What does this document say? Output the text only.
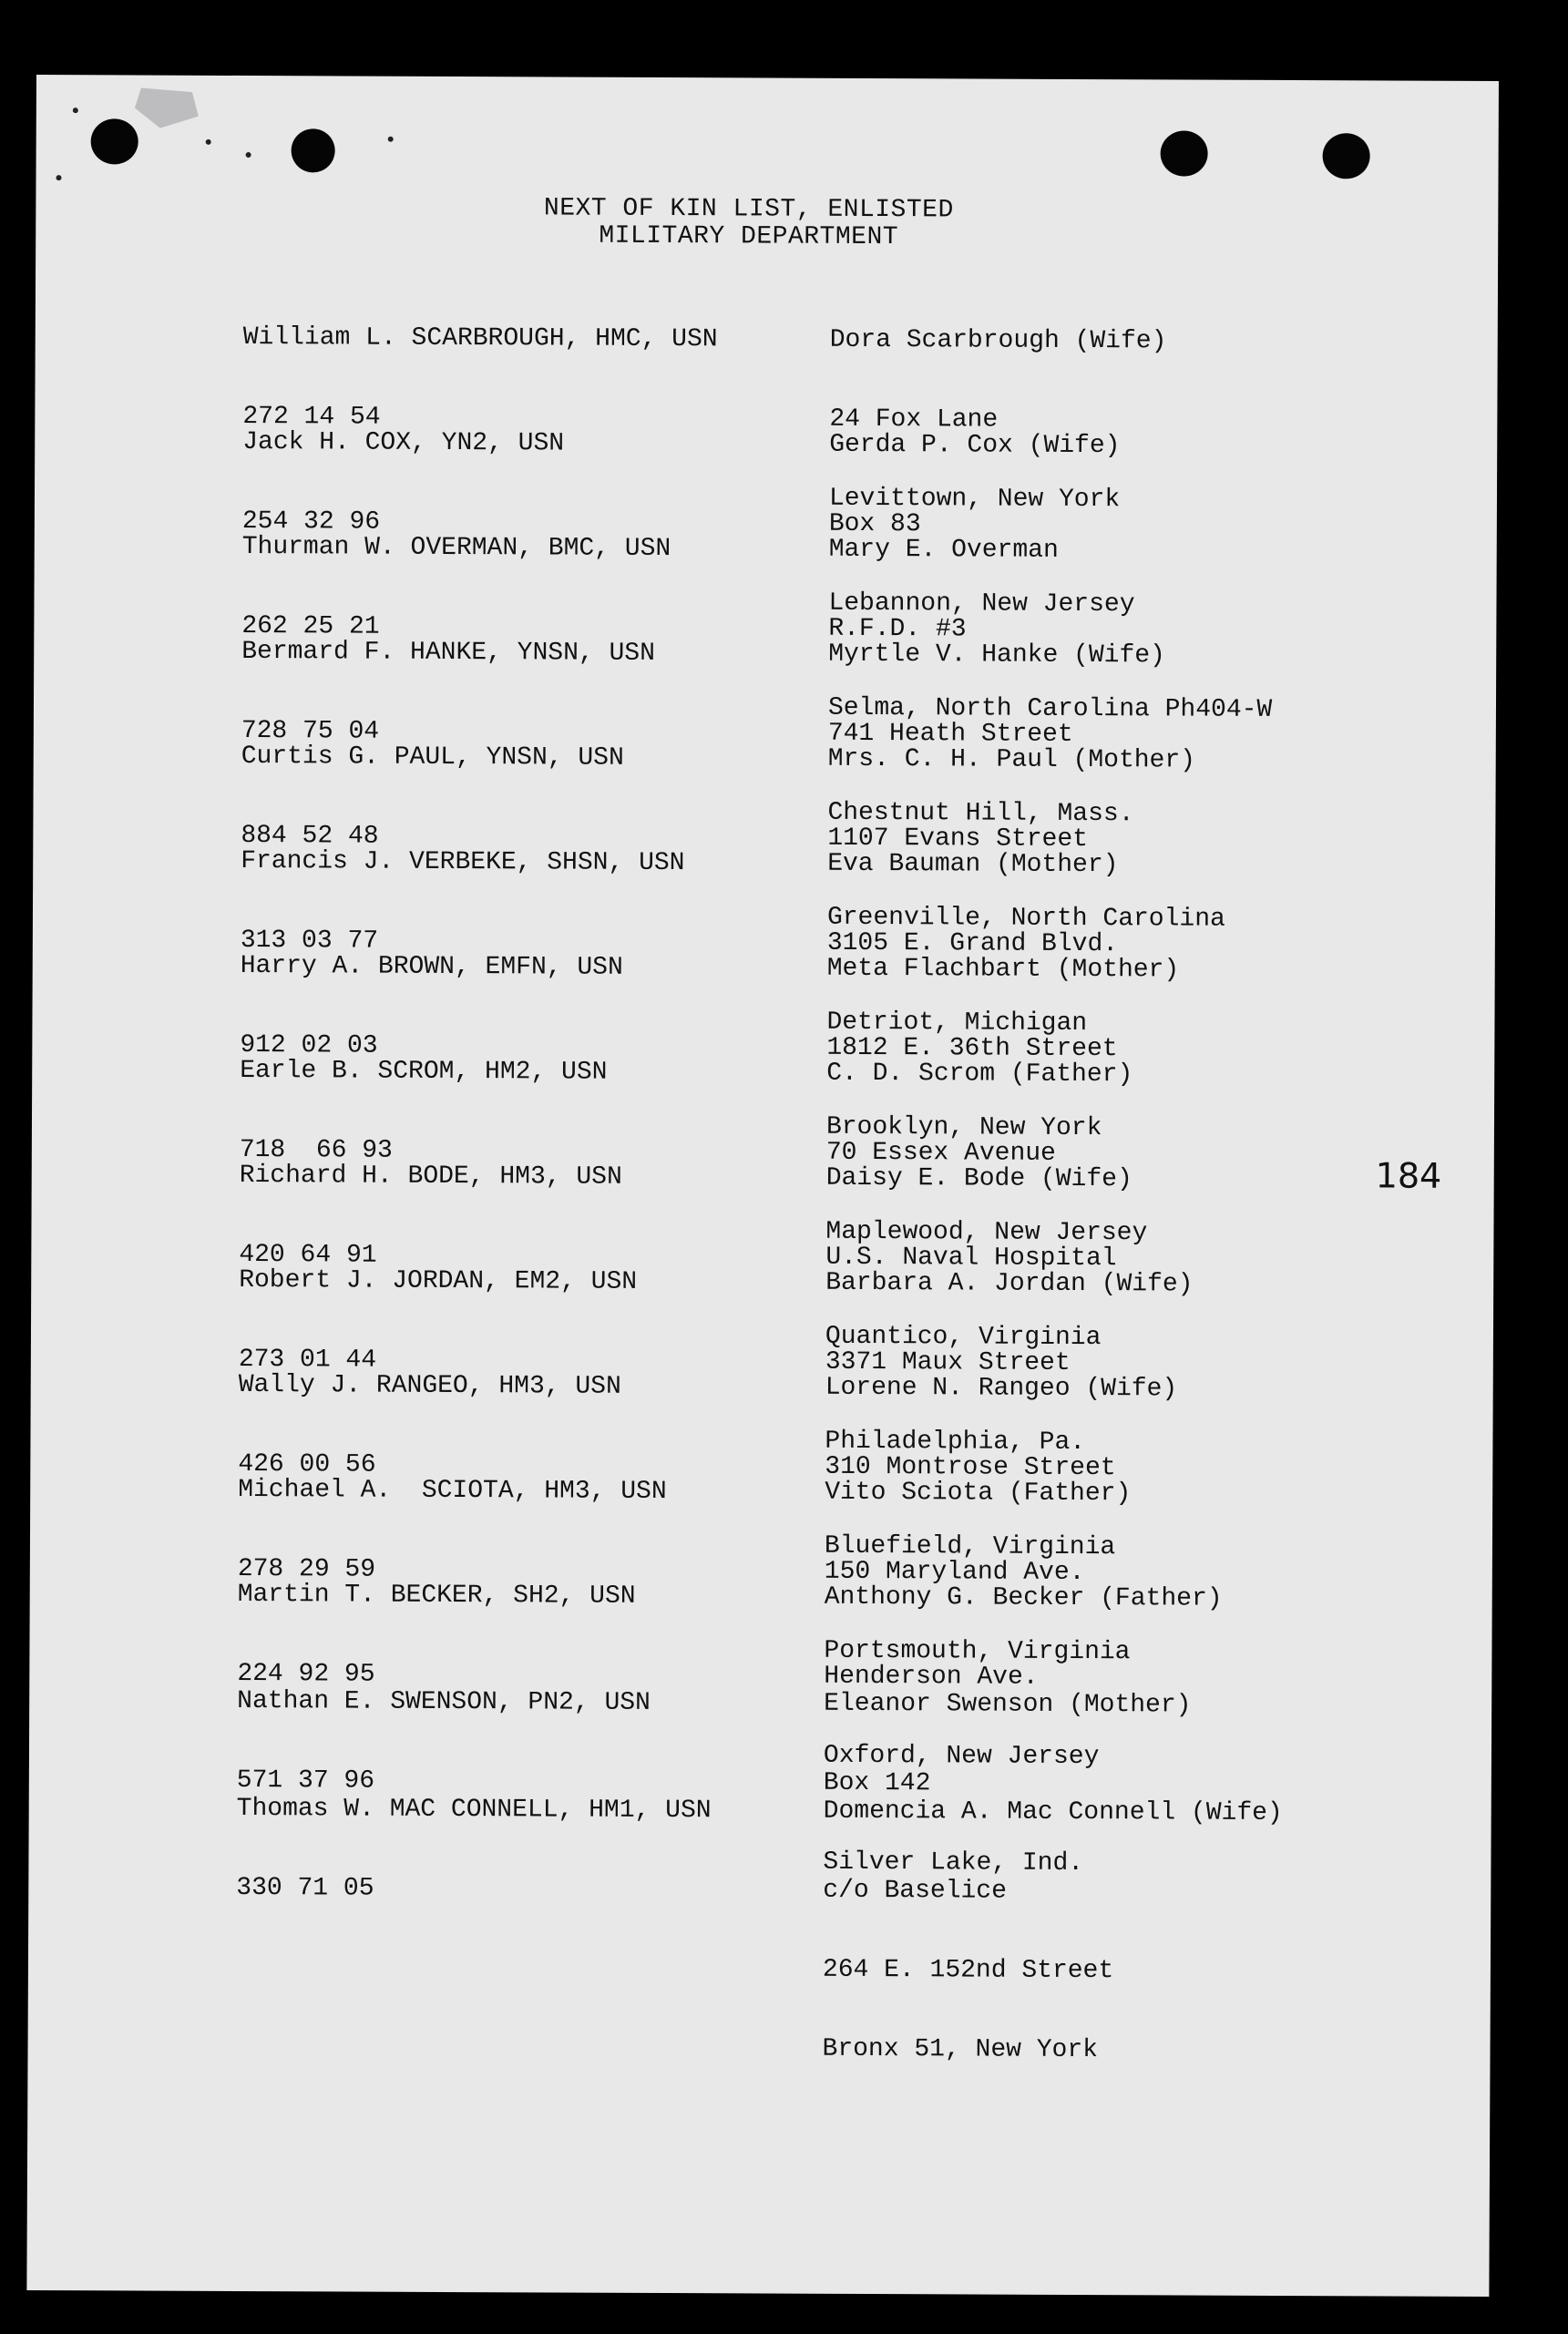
NEXT OF KIN LIST, ENLISTED
MILITARY DEPARTMENT

William L. SCARBROUGH, HMC, USN

272 14 54

Dora Scarbrough (Wife)

24 Fox Lane

Levittown, New York

Jack H. COX, YN2, USN

254 32 96

Gerda P. Cox (Wife)

Box 83

Lebannon, New Jersey

Thurman W. OVERMAN, BMC, USN

262 25 21

Mary E. Overman

R.F.D. #3

Selma, North Carolina Ph404-W

Bermard F. HANKE, YNSN, USN

728 75 04

Myrtle V. Hanke (Wife)

741 Heath Street

Chestnut Hill, Mass.

Curtis G. PAUL, YNSN, USN

884 52 48

Mrs. C. H. Paul (Mother)

1107 Evans Street

Greenville, North Carolina

Francis J. VERBEKE, SHSN, USN

313 03 77

Eva Bauman (Mother)

3105 E. Grand Blvd.

Detriot, Michigan

Harry A. BROWN, EMFN, USN

912 02 03

Meta Flachbart (Mother)

1812 E. 36th Street

Brooklyn, New York

Earle B. SCROM, HM2, USN

718  66 93

C. D. Scrom (Father)

70 Essex Avenue

Maplewood, New Jersey

Richard H. BODE, HM3, USN

420 64 91

Daisy E. Bode (Wife)

U.S. Naval Hospital

Quantico, Virginia

Robert J. JORDAN, EM2, USN

273 01 44

Barbara A. Jordan (Wife)

3371 Maux Street

Philadelphia, Pa.

Wally J. RANGEO, HM3, USN

426 00 56

Lorene N. Rangeo (Wife)

310 Montrose Street

Bluefield, Virginia

Michael A.  SCIOTA, HM3, USN

278 29 59

Vito Sciota (Father)

150 Maryland Ave.

Portsmouth, Virginia

Martin T. BECKER, SH2, USN

224 92 95

Anthony G. Becker (Father)

Henderson Ave.

Oxford, New Jersey

Nathan E. SWENSON, PN2, USN

571 37 96

Eleanor Swenson (Mother)

Box 142

Silver Lake, Ind.

Thomas W. MAC CONNELL, HM1, USN

330 71 05

Domencia A. Mac Connell (Wife)

c/o Baselice

264 E. 152nd Street

Bronx 51, New York

184
